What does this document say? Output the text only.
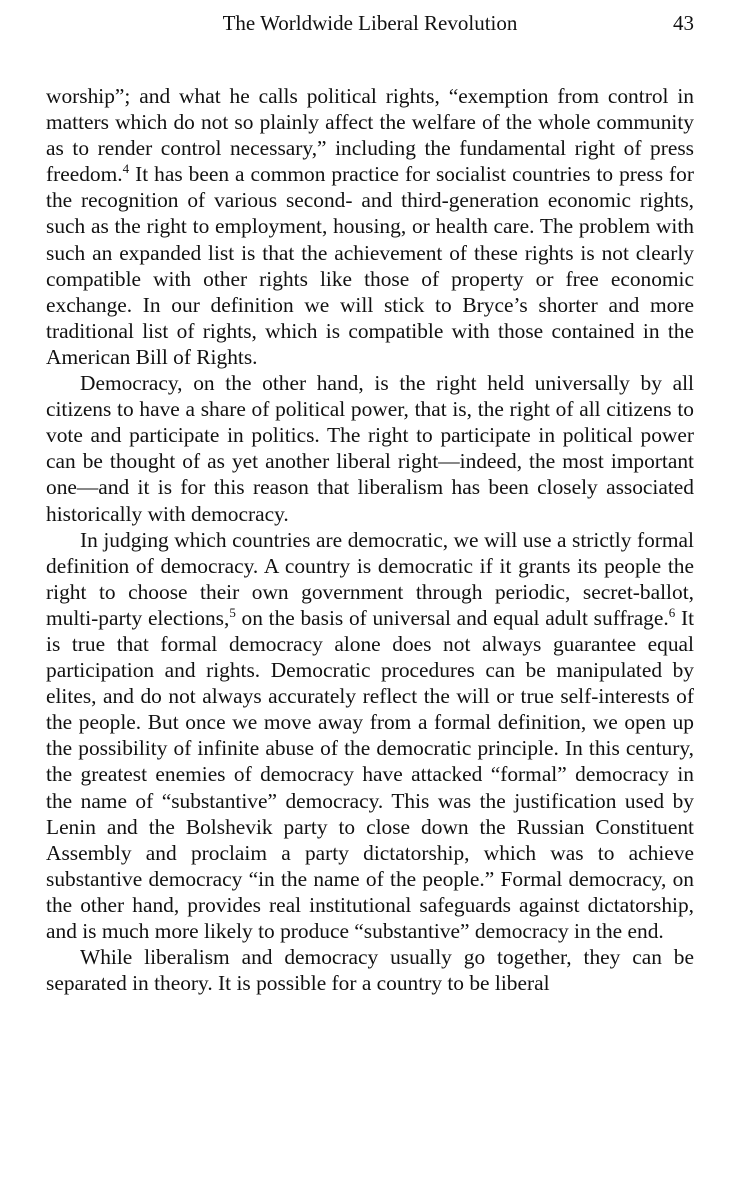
The Worldwide Liberal Revolution	43

worship”; and what he calls political rights, “exemption from control in matters which do not so plainly affect the welfare of the whole community as to render control necessary,” including the fundamental right of press freedom.$^4$ It has been a common practice for socialist countries to press for the recognition of various second- and third-generation economic rights, such as the right to employment, housing, or health care. The problem with such an expanded list is that the achievement of these rights is not clearly compatible with other rights like those of property or free economic exchange. In our definition we will stick to Bryce’s shorter and more traditional list of rights, which is compatible with those contained in the American Bill of Rights.

Democracy, on the other hand, is the right held universally by all citizens to have a share of political power, that is, the right of all citizens to vote and participate in politics. The right to participate in political power can be thought of as yet another liberal right—indeed, the most important one—and it is for this reason that liberalism has been closely associated historically with democracy.

In judging which countries are democratic, we will use a strictly formal definition of democracy. A country is democratic if it grants its people the right to choose their own government through periodic, secret-ballot, multi-party elections,$^5$ on the basis of universal and equal adult suffrage.$^6$ It is true that formal democracy alone does not always guarantee equal participation and rights. Democratic procedures can be manipulated by elites, and do not always accurately reflect the will or true self-interests of the people. But once we move away from a formal definition, we open up the possibility of infinite abuse of the democratic principle. In this century, the greatest enemies of democracy have attacked “formal” democracy in the name of “substantive” democracy. This was the justification used by Lenin and the Bolshevik party to close down the Russian Constituent Assembly and proclaim a party dictatorship, which was to achieve substantive democracy “in the name of the people.” Formal democracy, on the other hand, provides real institutional safeguards against dictatorship, and is much more likely to produce “substantive” democracy in the end.

While liberalism and democracy usually go together, they can be separated in theory. It is possible for a country to be liberal
